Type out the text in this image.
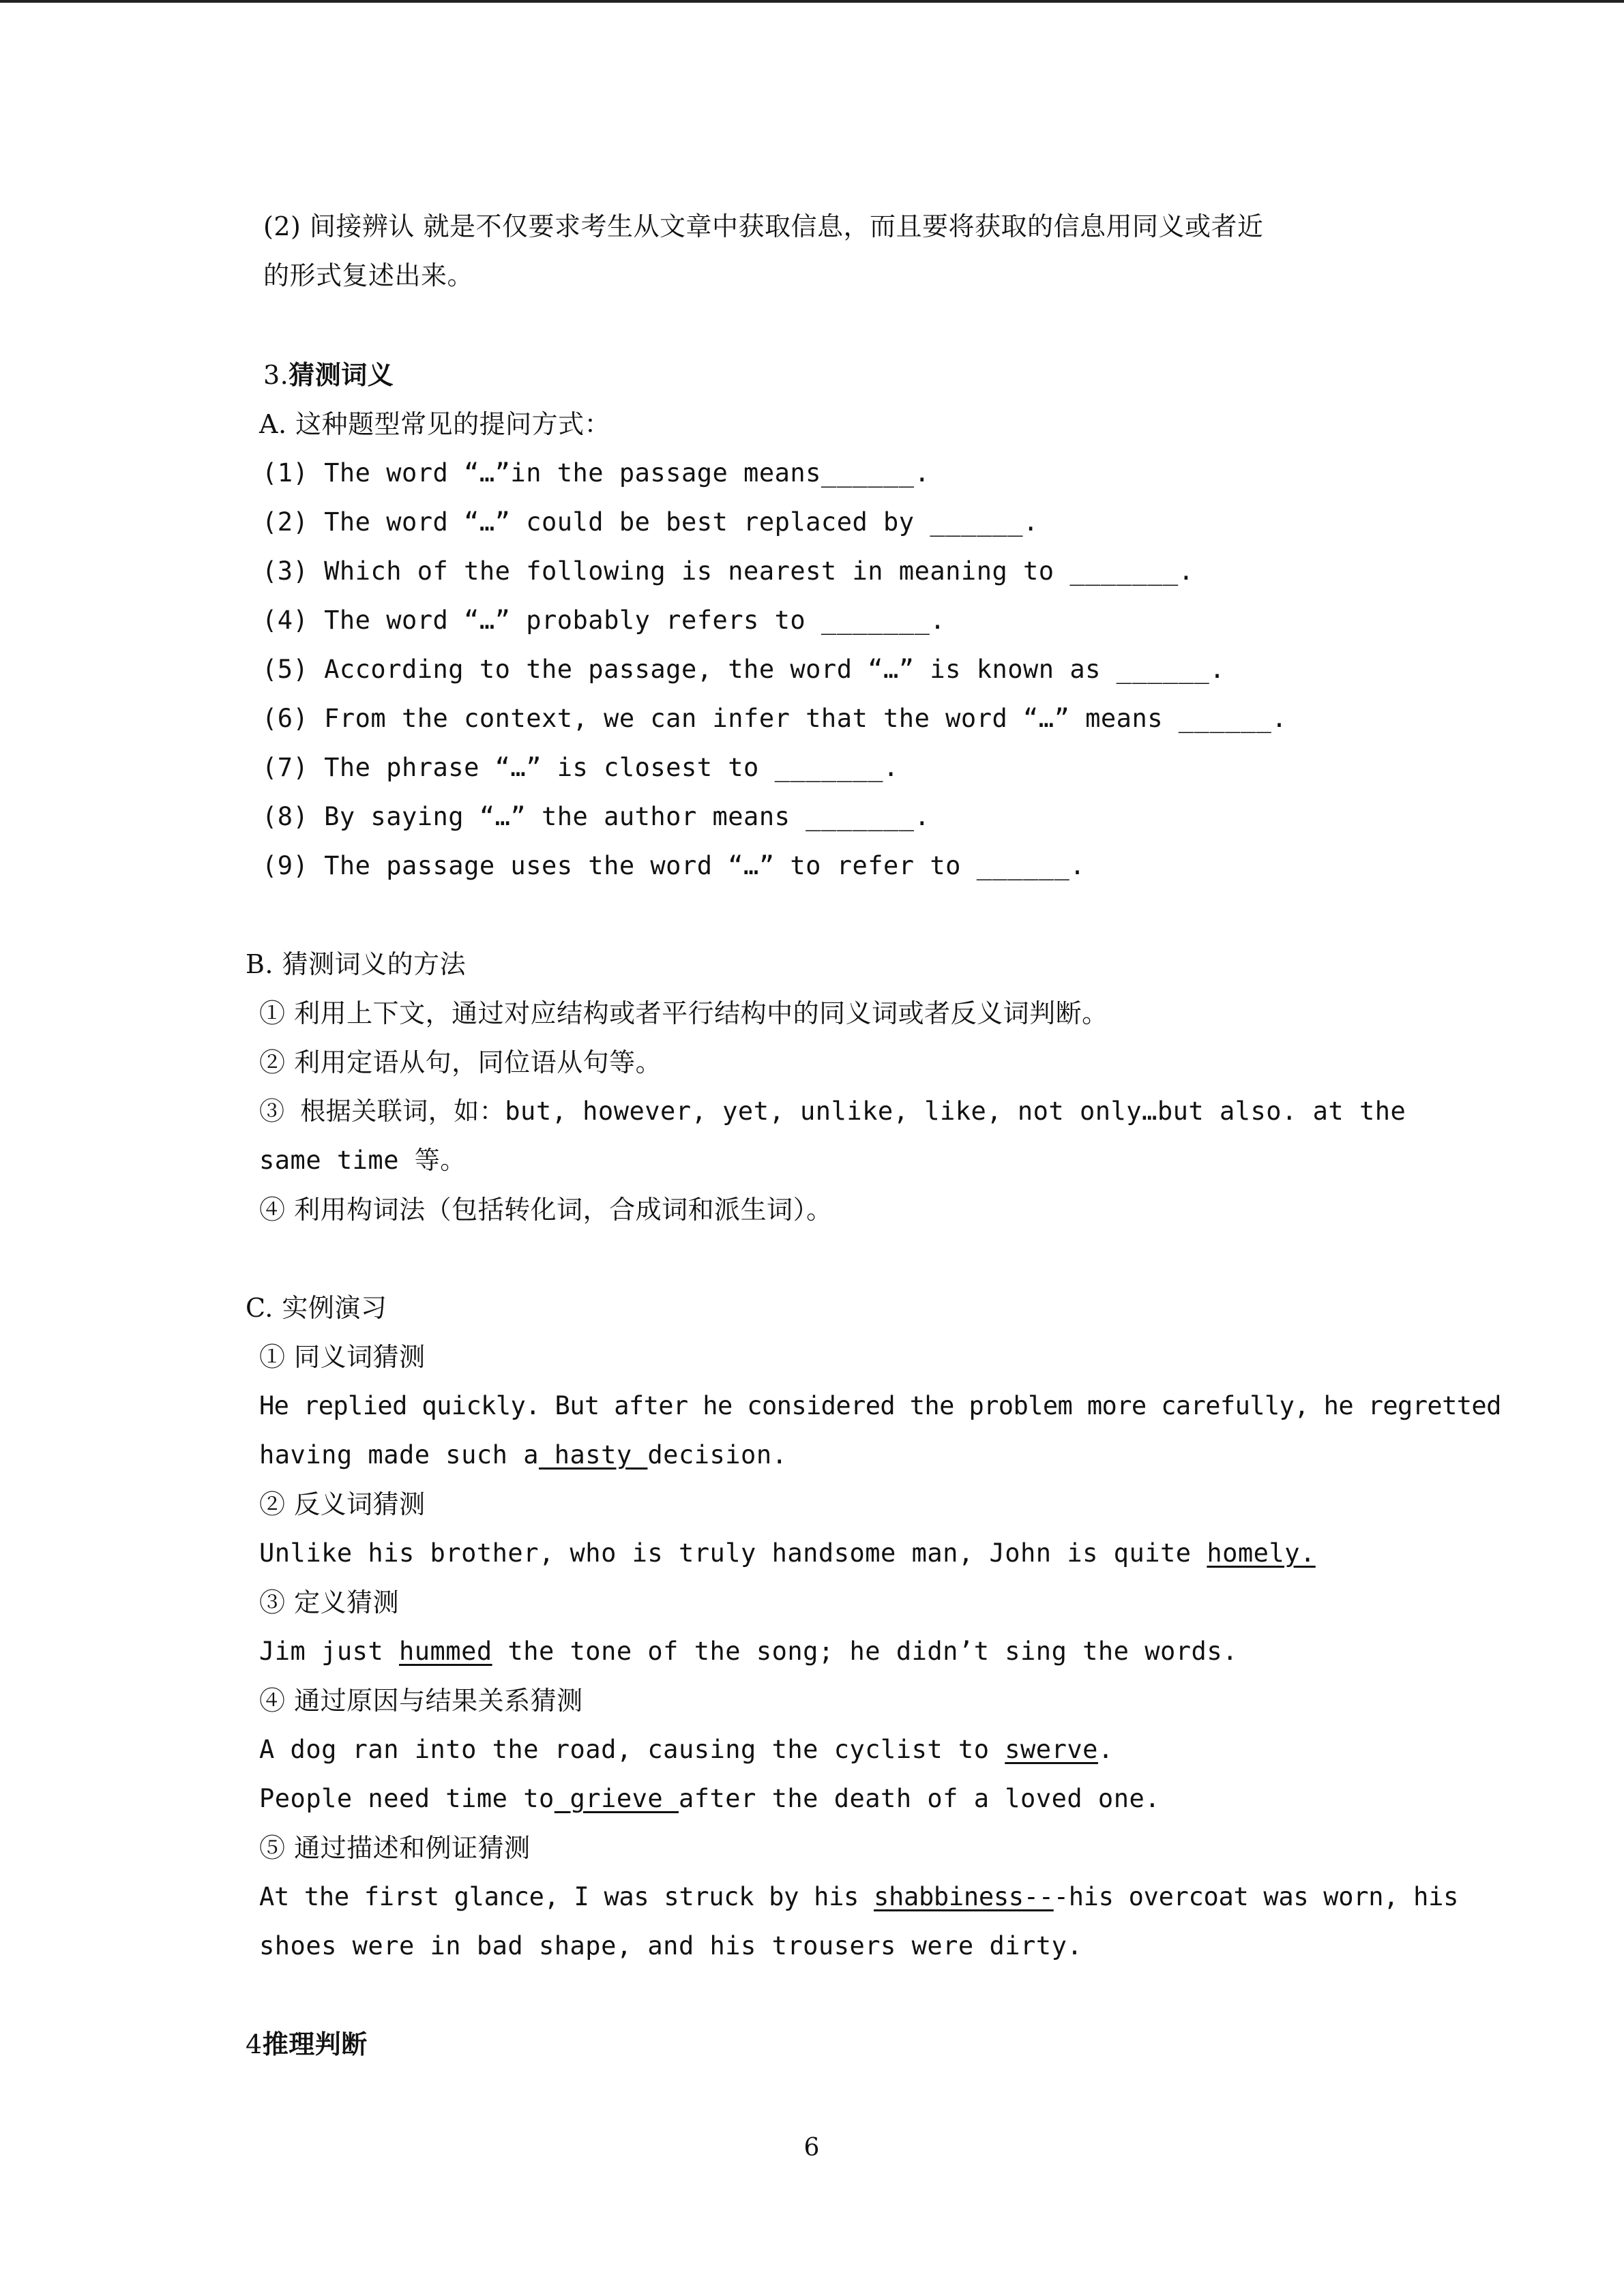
(2) 间接辨认 就是不仅要求考生从文章中获取信息，而且要将获取的信息用同义或者近
的形式复述出来。
3.猜测词义
A. 这种题型常见的提问方式：
(1) The word “…”in the passage means______.
(2) The word “…” could be best replaced by ______.
(3) Which of the following is nearest in meaning to _______.
(4) The word “…” probably refers to _______.
(5) According to the passage, the word “…” is known as ______.
(6) From the context, we can infer that the word “…” means ______.
(7) The phrase “…” is closest to _______.
(8) By saying “…” the author means _______.
(9) The passage uses the word “…” to refer to ______.
B. 猜测词义的方法
① 利用上下文，通过对应结构或者平行结构中的同义词或者反义词判断。
② 利用定语从句，同位语从句等。
③ 根据关联词，如：but, however, yet, unlike, like, not only…but also. at the
same time 等。
④ 利用构词法（包括转化词，合成词和派生词）。
C. 实例演习
① 同义词猜测
He replied quickly. But after he considered the problem more carefully, he regretted
having made such a hasty decision.
② 反义词猜测
Unlike his brother, who is truly handsome man, John is quite homely.
③ 定义猜测
Jim just hummed the tone of the song; he didn’t sing the words.
④ 通过原因与结果关系猜测
A dog ran into the road, causing the cyclist to swerve.
People need time to grieve after the death of a loved one.
⑤ 通过描述和例证猜测
At the first glance, I was struck by his shabbiness---his overcoat was worn, his
shoes were in bad shape, and his trousers were dirty.
4推理判断
6
